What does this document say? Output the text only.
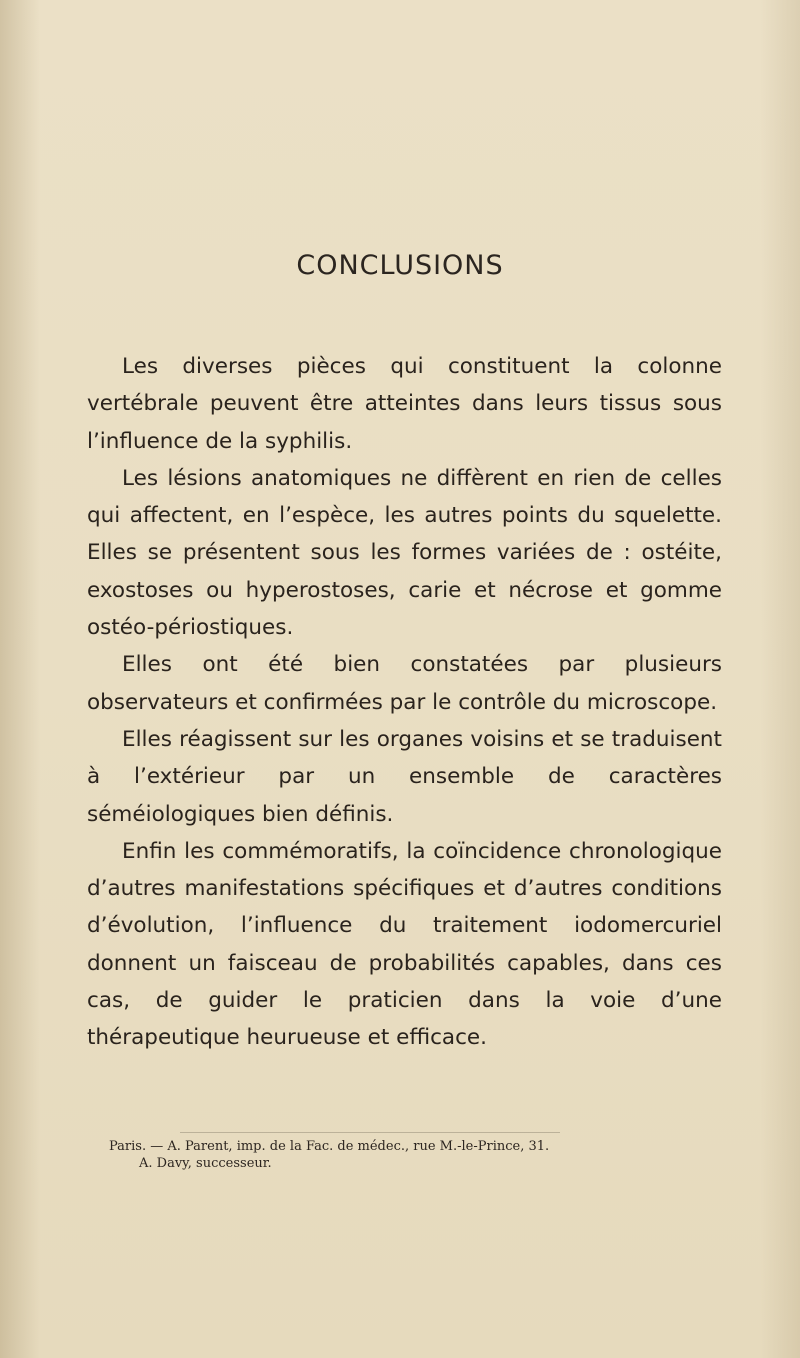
CONCLUSIONS

Les diverses pièces qui constituent la colonne vertébrale peuvent être atteintes dans leurs tissus sous l’influence de la syphilis.

Les lésions anatomiques ne diffèrent en rien de celles qui affectent, en l’espèce, les autres points du squelette. Elles se présentent sous les formes variées de : ostéite, exostoses ou hyperostoses, carie et nécrose et gomme ostéo-périostiques.

Elles ont été bien constatées par plusieurs observateurs et confirmées par le contrôle du microscope.

Elles réagissent sur les organes voisins et se traduisent à l’extérieur par un ensemble de caractères séméiologiques bien définis.

Enfin les commémoratifs, la coïncidence chronologique d’autres manifestations spécifiques et d’autres conditions d’évolution, l’influence du traitement iodomercuriel donnent un faisceau de probabilités capables, dans ces cas, de guider le praticien dans la voie d’une thérapeutique heurueuse et efficace.

Paris. — A. Parent, imp. de la Fac. de médec., rue M.-le-Prince, 31.
A. Davy, successeur.
